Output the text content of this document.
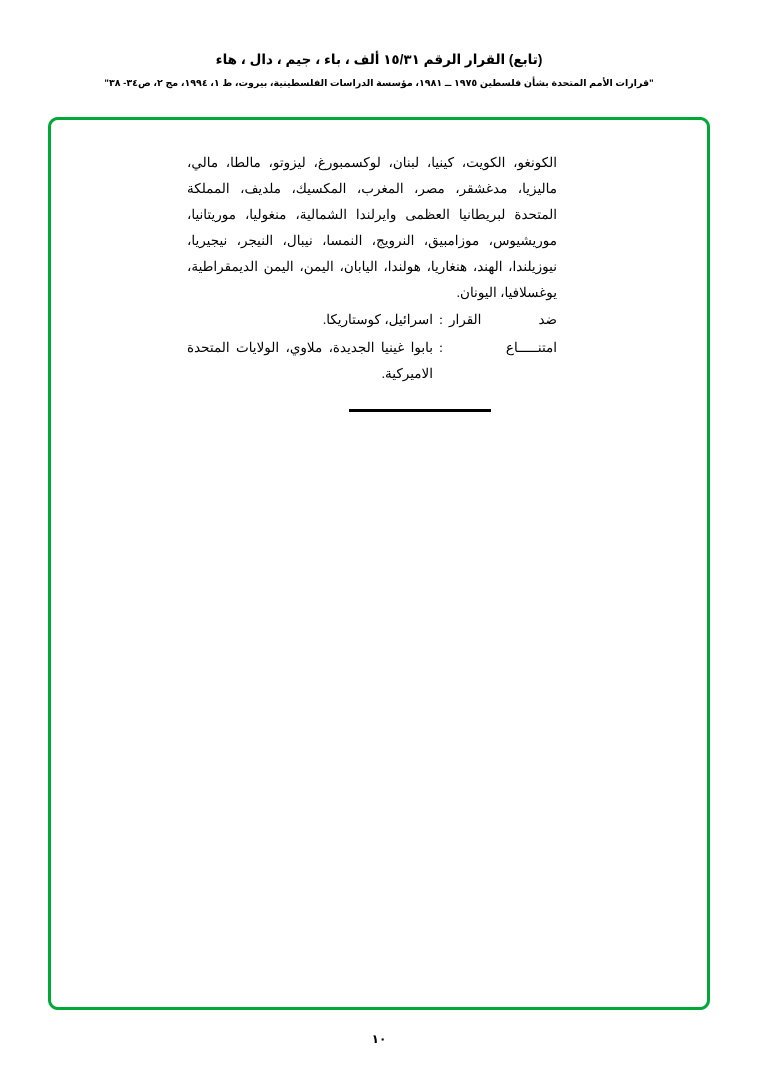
(تابع) القرار الرقم ١٥/٣١ ألف ، باء ، جيم ، دال ، هاء
"قرارات الأمم المتحدة بشأن فلسطين ١٩٧٥ ــ ١٩٨١، مؤسسة الدراسات الفلسطينية، بيروت، ط ١، ١٩٩٤، مج ٢، ص٣٤- ٣٨"
الكونغو، الكويت، كينيا، لبنان، لوكسمبورغ، ليزوتو، مالطا، مالي، ماليزيا، مدغشقر، مصر، المغرب، المكسيك، ملديف، المملكة المتحدة لبريطانيا العظمى وايرلندا الشمالية، منغوليا، موريتانيا، موريشيوس، موزامبيق، النرويج، النمسا، نيبال، النيجر، نيجيريا، نيوزيلندا، الهند، هنغاريا، هولندا، اليابان، اليمن، اليمن الديمقراطية، يوغسلافيا، اليونان.
ضد القرار
:
اسرائيل، كوستاريكا.
امتنـــــاع
:
بابوا غينيا الجديدة، ملاوي، الولايات المتحدة الاميركية.
١٠
